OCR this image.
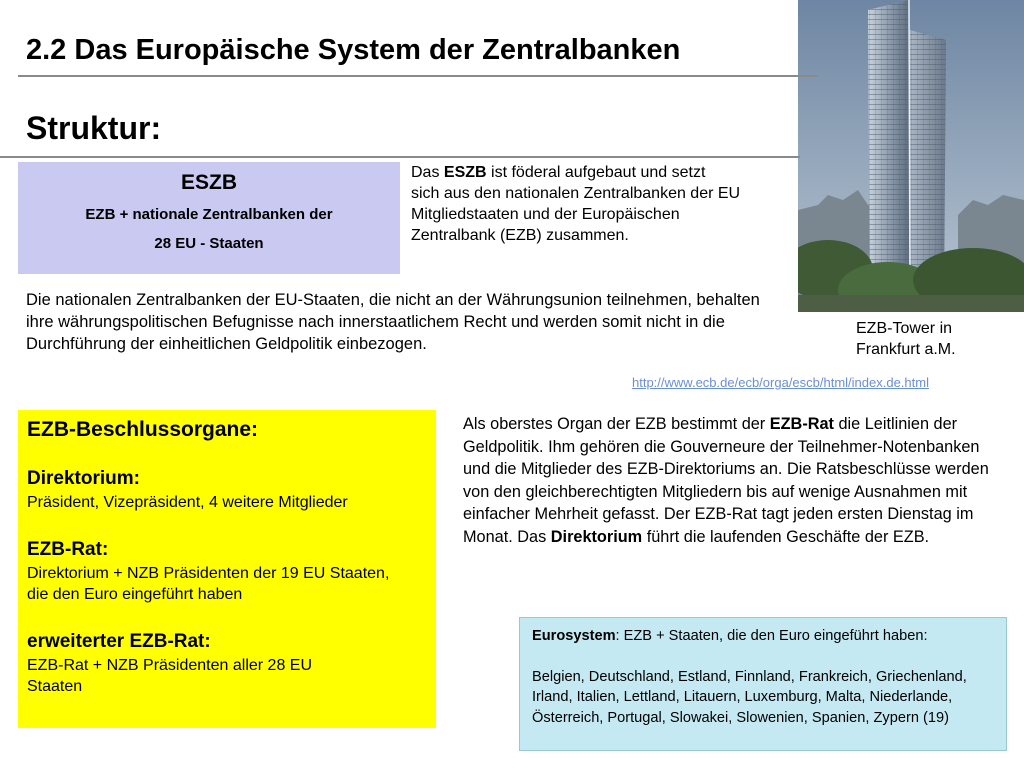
2.2 Das Europäische System der Zentralbanken
Struktur:
EZB-Tower in
Frankfurt a.M.
http://www.ecb.de/ecb/orga/escb/html/index.de.html
ESZB
EZB + nationale Zentralbanken der
28 EU - Staaten
Das ESZB ist föderal aufgebaut und setzt
sich aus den nationalen Zentralbanken der EU
Mitgliedstaaten und der Europäischen
Zentralbank (EZB) zusammen.
Die nationalen Zentralbanken der EU-Staaten, die nicht an der Währungsunion teilnehmen, behalten ihre währungspolitischen Befugnisse nach innerstaatlichem Recht und werden somit nicht in die Durchführung der einheitlichen Geldpolitik einbezogen.
EZB-Beschlussorgane:
Direktorium:
Präsident, Vizepräsident, 4 weitere Mitglieder
EZB-Rat:
Direktorium + NZB Präsidenten der 19 EU Staaten, die den Euro eingeführt haben
erweiterter EZB-Rat:
EZB-Rat + NZB Präsidenten aller 28 EU Staaten
Als oberstes Organ der EZB bestimmt der EZB-Rat die Leitlinien der Geldpolitik. Ihm gehören die Gouverneure der Teilnehmer-Notenbanken und die Mitglieder des EZB-Direktoriums an. Die Ratsbeschlüsse werden von den gleichberechtigten Mitgliedern bis auf wenige Ausnahmen mit einfacher Mehrheit gefasst. Der EZB-Rat tagt jeden ersten Dienstag im Monat. Das Direktorium führt die laufenden Geschäfte der EZB.
Eurosystem: EZB + Staaten, die den Euro eingeführt haben:
Belgien, Deutschland, Estland, Finnland, Frankreich, Griechenland, Irland, Italien, Lettland, Litauern, Luxemburg, Malta, Niederlande, Österreich, Portugal, Slowakei, Slowenien, Spanien, Zypern (19)
